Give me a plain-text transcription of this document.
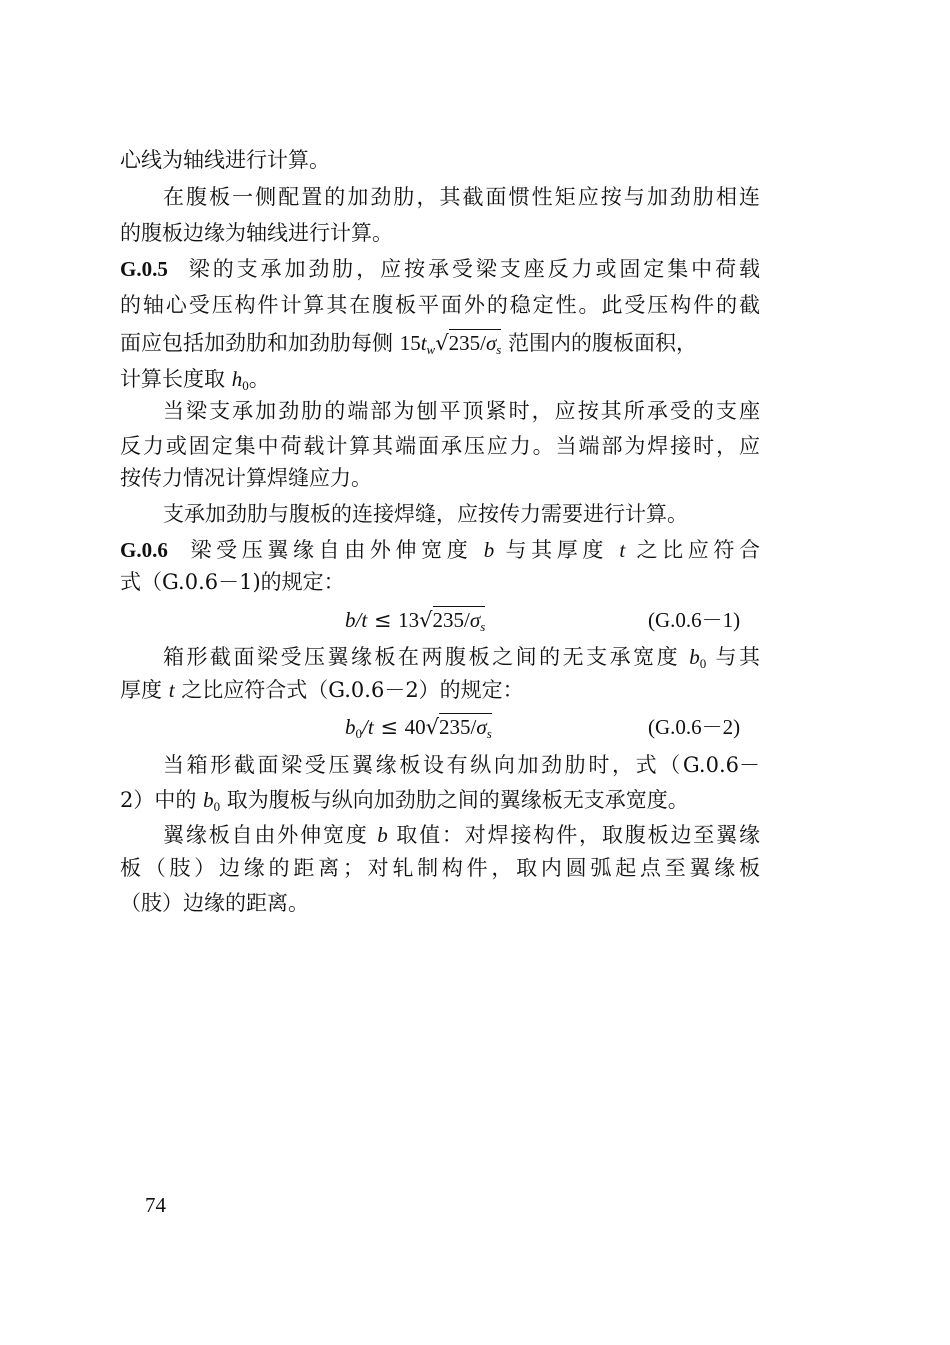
心线为轴线进行计算。
在腹板一侧配置的加劲肋，其截面惯性矩应按与加劲肋相连
的腹板边缘为轴线进行计算。
G.0.5 梁的支承加劲肋，应按承受梁支座反力或固定集中荷载
的轴心受压构件计算其在腹板平面外的稳定性。此受压构件的截
面应包括加劲肋和加劲肋每侧 $15t_w√235/\sigma_s$ 范围内的腹板面积，
计算长度取 h0。
当梁支承加劲肋的端部为刨平顶紧时，应按其所承受的支座
反力或固定集中荷载计算其端面承压应力。当端部为焊接时，应
按传力情况计算焊缝应力。
支承加劲肋与腹板的连接焊缝，应按传力需要进行计算。
G.0.6 梁受压翼缘自由外伸宽度 b 与其厚度 t 之比应符合
式（G.0.6－1)的规定：
$b/t \le 13√235/\sigma_s$	(G.0.6－1)
箱形截面梁受压翼缘板在两腹板之间的无支承宽度 b0 与其
厚度 t 之比应符合式（G.0.6－2）的规定：
$b0/t \le 40√235/\sigma_s$	(G.0.6－2)
当箱形截面梁受压翼缘板设有纵向加劲肋时，式（G.0.6－
2）中的 b0 取为腹板与纵向加劲肋之间的翼缘板无支承宽度。
翼缘板自由外伸宽度 b 取值：对焊接构件，取腹板边至翼缘
板（肢）边缘的距离；对轧制构件，取内圆弧起点至翼缘板
（肢）边缘的距离。
74
